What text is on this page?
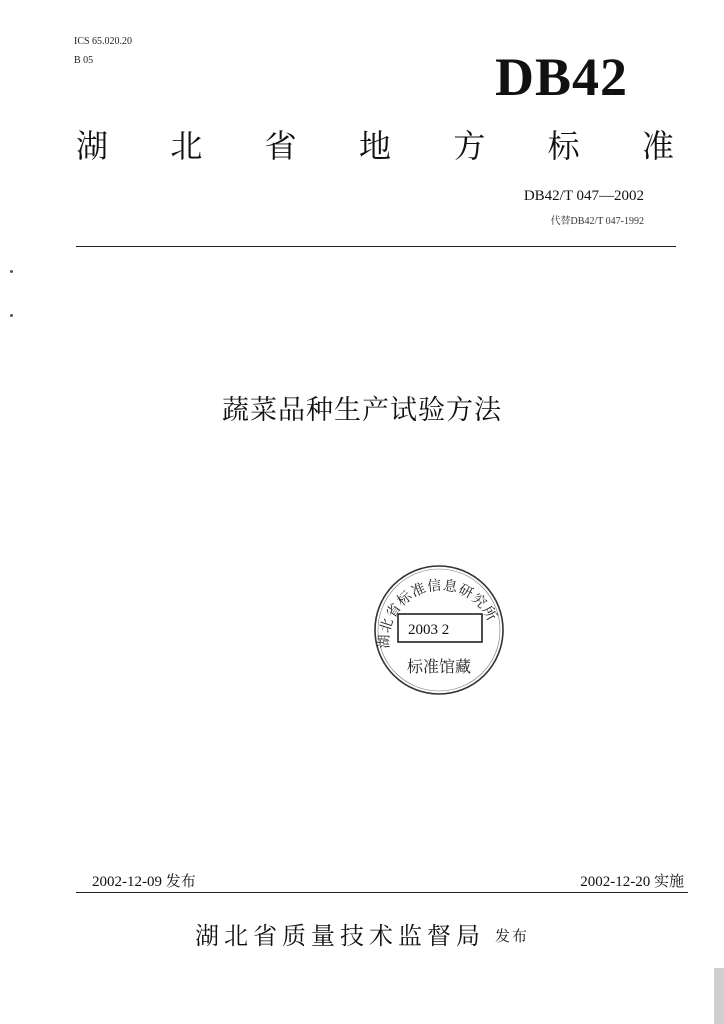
ICS 65.020.20
B 05	DB42
湖 北 省 地 方 标 准
DB42/T 047—2002
代替DB42/T 047-1992
蔬菜品种生产试验方法
湖北省标准信息研究所
2003 2
标准馆藏
2002-12-09 发布	2002-12-20 实施
湖北省质量技术监督局 发布
